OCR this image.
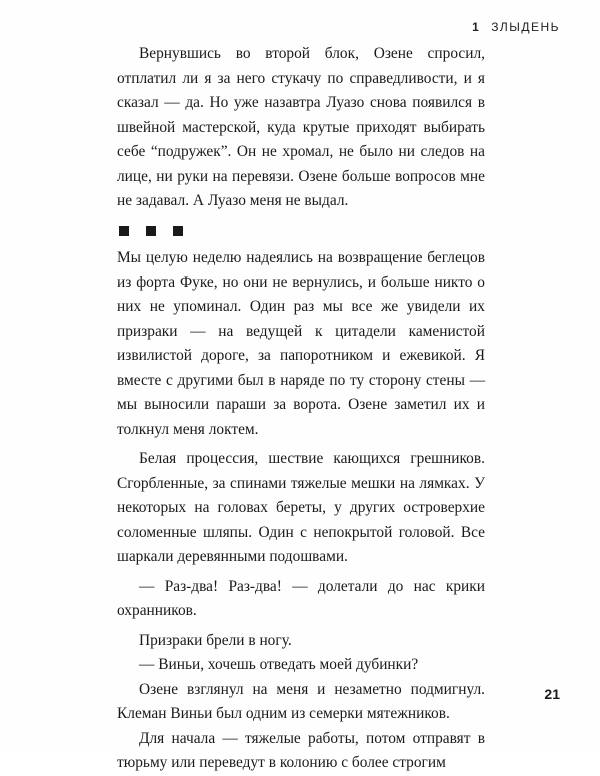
1 ЗЛЫДЕНЬ

Вернувшись во второй блок, Озене спросил, отплатил ли я за него стукачу по справедливости, и я сказал — да. Но уже назавтра Луазо снова появился в швейной мастерской, куда крутые приходят выбирать себе “подружек”. Он не хромал, не было ни следов на лице, ни руки на перевязи. Озене больше вопросов мне не задавал. А Луазо меня не выдал.

Мы целую неделю надеялись на возвращение беглецов из форта Фуке, но они не вернулись, и больше никто о них не упоминал. Один раз мы все же увидели их призраки — на ведущей к цитадели каменистой извилистой дороге, за папоротником и ежевикой. Я вместе с другими был в наряде по ту сторону стены — мы выносили параши за ворота. Озене заметил их и толкнул меня локтем.

Белая процессия, шествие кающихся грешников. Сгорбленные, за спинами тяжелые мешки на лямках. У некоторых на головах береты, у других островерхие соломенные шляпы. Один с непокрытой головой. Все шаркали деревянными подошвами.

— Раз-два! Раз-два! — долетали до нас крики охранников.

Призраки брели в ногу.

— Виньи, хочешь отведать моей дубинки?

Озене взглянул на меня и незаметно подмигнул. Клеман Виньи был одним из семерки мятежников.

Для начала — тяжелые работы, потом отправят в тюрьму или переведут в колонию с более строгим

21
